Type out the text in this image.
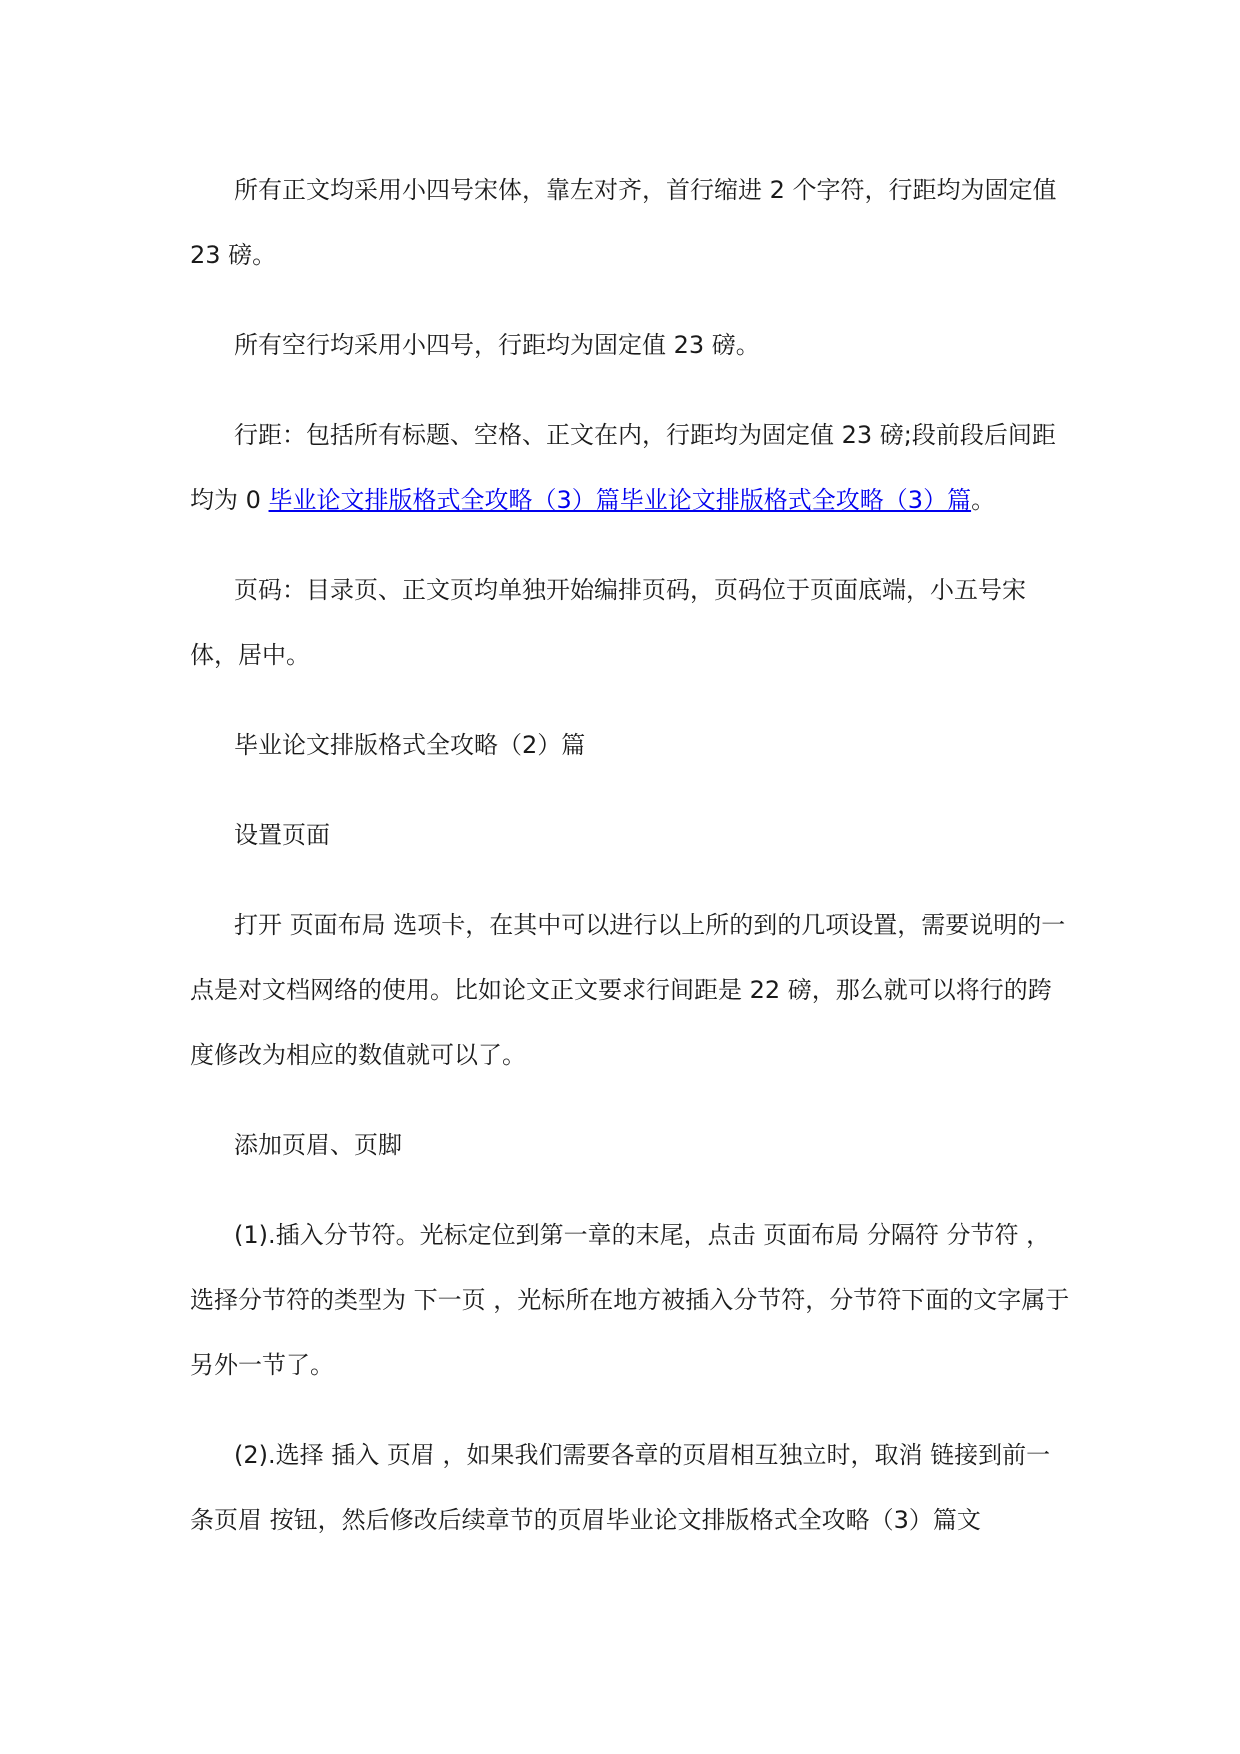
所有正文均采用小四号宋体，靠左对齐，首行缩进 2 个字符，行距均为固定值 23 磅。

所有空行均采用小四号，行距均为固定值 23 磅。

行距：包括所有标题、空格、正文在内，行距均为固定值 23 磅;段前段后间距均为 0 毕业论文排版格式全攻略（3）篇毕业论文排版格式全攻略（3）篇。

页码：目录页、正文页均单独开始编排页码，页码位于页面底端，小五号宋体，居中。

毕业论文排版格式全攻略（2）篇

设置页面

打开 页面布局 选项卡，在其中可以进行以上所的到的几项设置，需要说明的一点是对文档网络的使用。比如论文正文要求行间距是 22 磅，那么就可以将行的跨度修改为相应的数值就可以了。

添加页眉、页脚

(1).插入分节符。光标定位到第一章的末尾，点击 页面布局 分隔符 分节符 ，选择分节符的类型为 下一页 ，光标所在地方被插入分节符，分节符下面的文字属于另外一节了。

(2).选择 插入 页眉 ，如果我们需要各章的页眉相互独立时，取消 链接到前一条页眉 按钮，然后修改后续章节的页眉毕业论文排版格式全攻略（3）篇文
